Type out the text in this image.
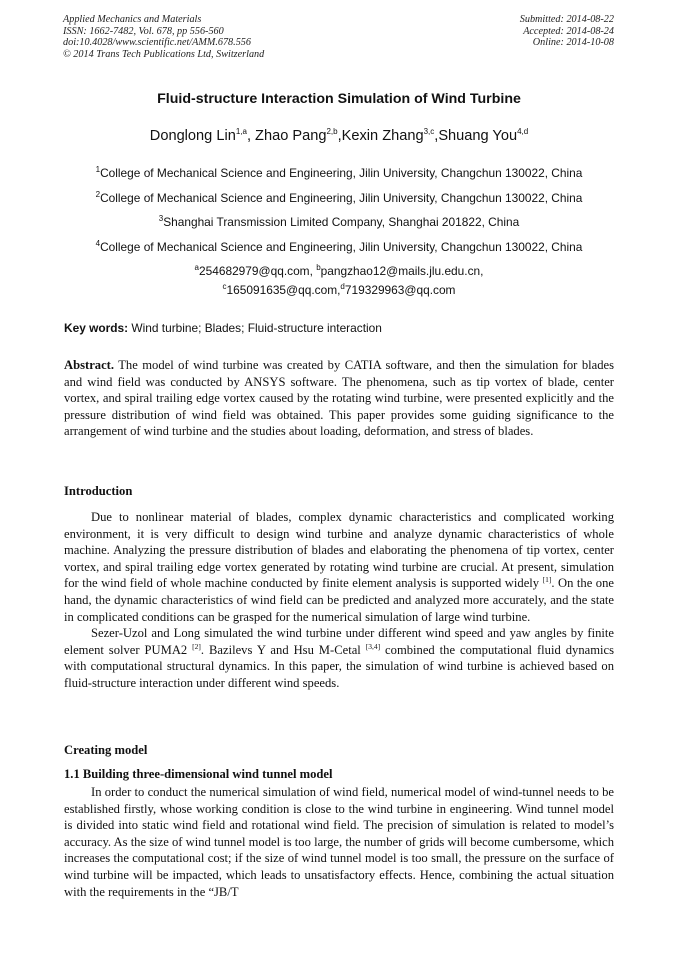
Applied Mechanics and Materials
ISSN: 1662-7482, Vol. 678, pp 556-560
doi:10.4028/www.scientific.net/AMM.678.556
© 2014 Trans Tech Publications Ltd, Switzerland
Submitted: 2014-08-22
Accepted: 2014-08-24
Online: 2014-10-08
Fluid-structure Interaction Simulation of Wind Turbine
Donglong Lin$^{1,a}$, Zhao Pang$^{2,b}$,Kexin Zhang$^{3,c}$,Shuang You$^{4,d}$
$^1$College of Mechanical Science and Engineering, Jilin University, Changchun 130022, China
$^2$College of Mechanical Science and Engineering, Jilin University, Changchun 130022, China
$^3$Shanghai Transmission Limited Company, Shanghai 201822, China
$^4$College of Mechanical Science and Engineering, Jilin University, Changchun 130022, China
$^a$254682979@qq.com, $^b$pangzhao12@mails.jlu.edu.cn,
$^c$165091635@qq.com,$^d$719329963@qq.com
Key words: Wind turbine; Blades; Fluid-structure interaction

Abstract. The model of wind turbine was created by CATIA software, and then the simulation for blades and wind field was conducted by ANSYS software. The phenomena, such as tip vortex of blade, center vortex, and spiral trailing edge vortex caused by the rotating wind turbine, were presented explicitly and the pressure distribution of wind field was obtained. This paper provides some guiding significance to the arrangement of wind turbine and the studies about loading, deformation, and stress of blades.

Introduction

Due to nonlinear material of blades, complex dynamic characteristics and complicated working environment, it is very difficult to design wind turbine and analyze dynamic characteristics of whole machine. Analyzing the pressure distribution of blades and elaborating the phenomena of tip vortex, center vortex, and spiral trailing edge vortex generated by rotating wind turbine are crucial. At present, simulation for the wind field of whole machine conducted by finite element analysis is supported widely [1]. On the one hand, the dynamic characteristics of wind field can be predicted and analyzed more accurately, and the state in complicated conditions can be grasped for the numerical simulation of large wind turbine.

Sezer-Uzol and Long simulated the wind turbine under different wind speed and yaw angles by finite element solver PUMA2 [2]. Bazilevs Y and Hsu M-Cetal [3,4] combined the computational fluid dynamics with computational structural dynamics. In this paper, the simulation of wind turbine is achieved based on fluid-structure interaction under different wind speeds.

Creating model
1.1 Building three-dimensional wind tunnel model

In order to conduct the numerical simulation of wind field, numerical model of wind-tunnel needs to be established firstly, whose working condition is close to the wind turbine in engineering. Wind tunnel model is divided into static wind field and rotational wind field. The precision of simulation is related to model’s accuracy. As the size of wind tunnel model is too large, the number of grids will become cumbersome, which increases the computational cost; if the size of wind tunnel model is too small, the pressure on the surface of wind turbine will be impacted, which leads to unsatisfactory effects. Hence, combining the actual situation with the requirements in the “JB/T
